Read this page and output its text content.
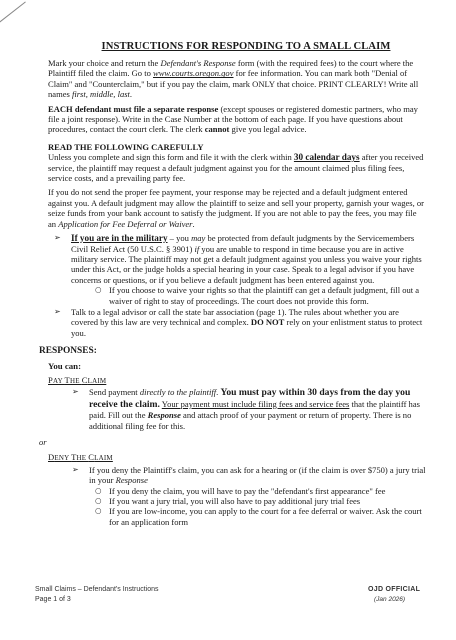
INSTRUCTIONS FOR RESPONDING TO A SMALL CLAIM

Mark your choice and return the Defendant's Response form (with the required fees) to the court where the Plaintiff filed the claim. Go to www.courts.oregon.gov for fee information. You can mark both "Denial of Claim" and "Counterclaim," but if you pay the claim, mark ONLY that choice. PRINT CLEARLY! Write all names first, middle, last.

EACH defendant must file a separate response (except spouses or registered domestic partners, who may file a joint response). Write in the Case Number at the bottom of each page. If you have questions about procedures, contact the court clerk. The clerk cannot give you legal advice.

READ THE FOLLOWING CAREFULLY

Unless you complete and sign this form and file it with the clerk within 30 calendar days after you received service, the plaintiff may request a default judgment against you for the amount claimed plus filing fees, service costs, and a prevailing party fee.

If you do not send the proper fee payment, your response may be rejected and a default judgment entered against you. A default judgment may allow the plaintiff to seize and sell your property, garnish your wages, or seize funds from your bank account to satisfy the judgment. If you are not able to pay the fees, you may file an Application for Fee Deferral or Waiver.

➢ If you are in the military – you may be protected from default judgments by the Servicemembers Civil Relief Act (50 U.S.C. § 3901) if you are unable to respond in time because you are in active military service. The plaintiff may not get a default judgment against you unless you waive your rights under this Act, or the judge holds a special hearing in your case. Speak to a legal advisor if you have concerns or questions, or if you believe a default judgment has been entered against you.
○ If you choose to waive your rights so that the plaintiff can get a default judgment, fill out a waiver of right to stay of proceedings. The court does not provide this form.
➢ Talk to a legal advisor or call the state bar association (page 1). The rules about whether you are covered by this law are very technical and complex. DO NOT rely on your enlistment status to protect you.

RESPONSES:

You can:

PAY THE CLAIM

➢ Send payment directly to the plaintiff. You must pay within 30 days from the day you receive the claim. Your payment must include filing fees and service fees that the plaintiff has paid. Fill out the Response and attach proof of your payment or return of property. There is no additional filing fee for this.

or

DENY THE CLAIM

➢ If you deny the Plaintiff's claim, you can ask for a hearing or (if the claim is over $750) a jury trial in your Response
○ If you deny the claim, you will have to pay the "defendant's first appearance" fee
○ If you want a jury trial, you will also have to pay additional jury trial fees
○ If you are low-income, you can apply to the court for a fee deferral or waiver. Ask the court for an application form
Small Claims – Defendant's Instructions
Page 1 of 3
OJD OFFICIAL
(Jan 2026)
